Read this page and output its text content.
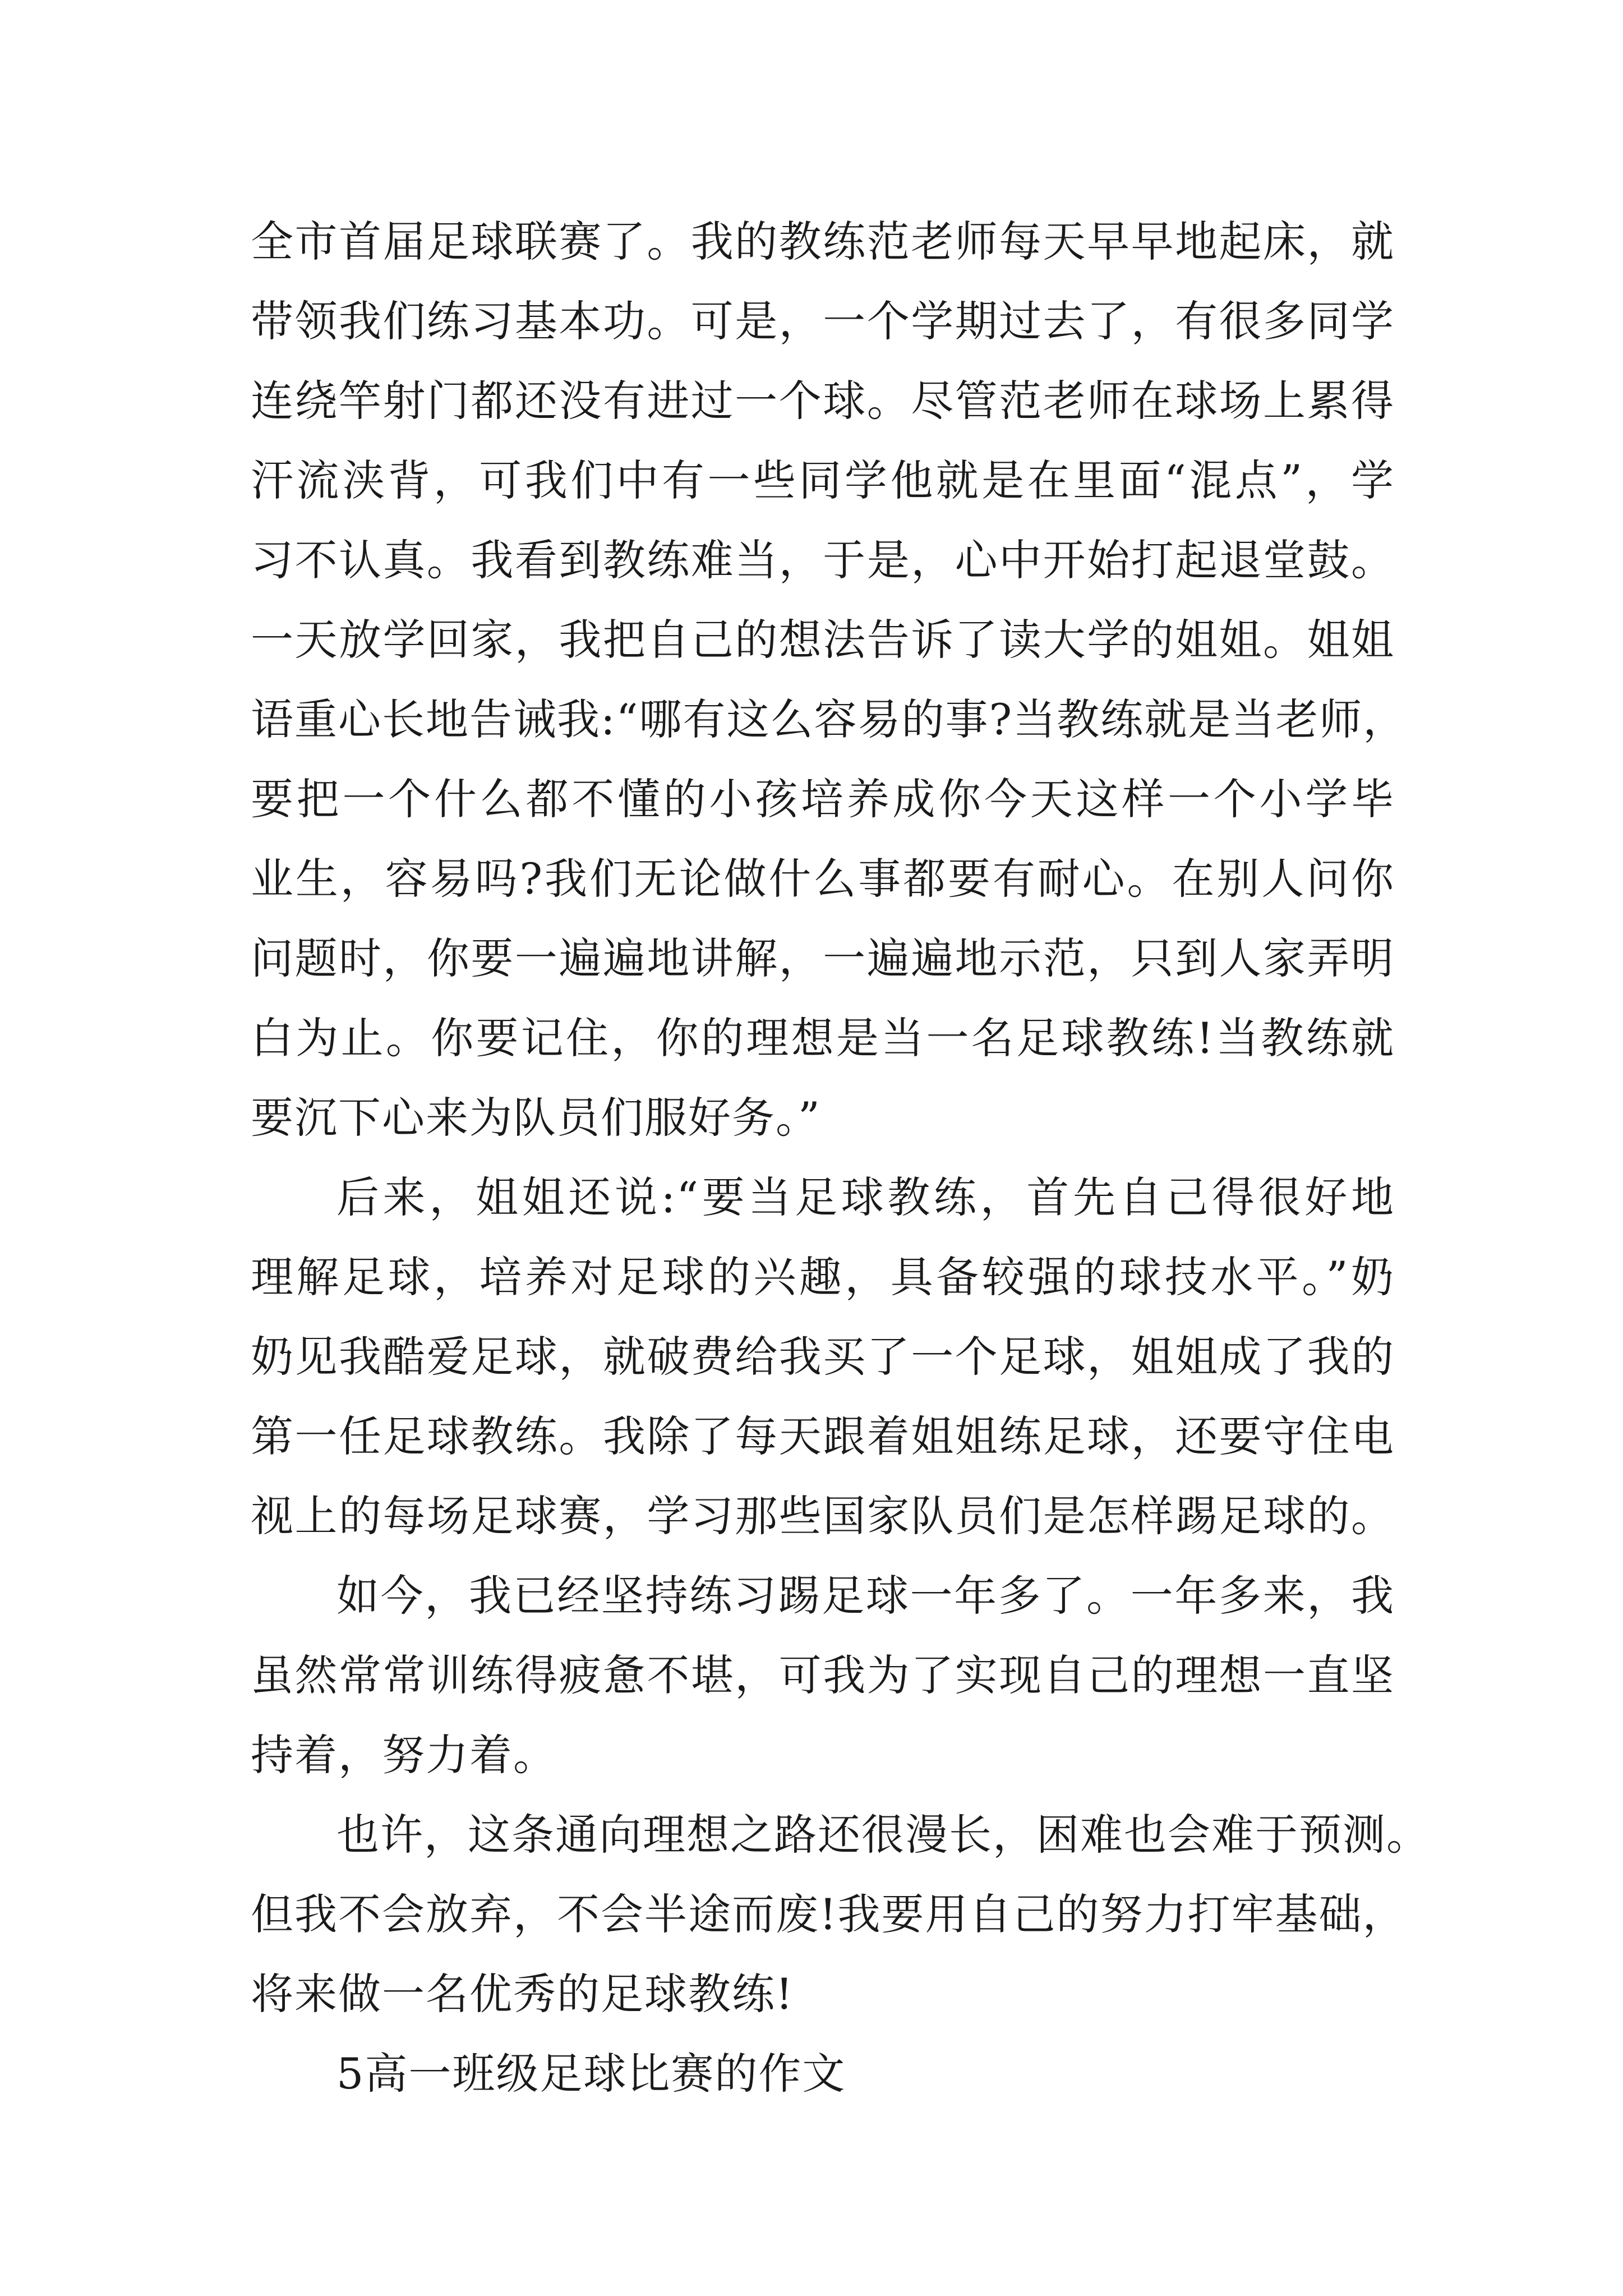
全市首届足球联赛了。我的教练范老师每天早早地起床，就
带领我们练习基本功。可是，一个学期过去了，有很多同学
连绕竿射门都还没有进过一个球。尽管范老师在球场上累得
汗流浃背，可我们中有一些同学他就是在里面“混点”，学
习不认真。我看到教练难当，于是，心中开始打起退堂鼓。
一天放学回家，我把自己的想法告诉了读大学的姐姐。姐姐
语重心长地告诫我:“哪有这么容易的事?当教练就是当老师，
要把一个什么都不懂的小孩培养成你今天这样一个小学毕
业生，容易吗?我们无论做什么事都要有耐心。在别人问你
问题时，你要一遍遍地讲解，一遍遍地示范，只到人家弄明
白为止。你要记住，你的理想是当一名足球教练!当教练就
要沉下心来为队员们服好务。”
后来，姐姐还说:“要当足球教练，首先自己得很好地
理解足球，培养对足球的兴趣，具备较强的球技水平。”奶
奶见我酷爱足球，就破费给我买了一个足球，姐姐成了我的
第一任足球教练。我除了每天跟着姐姐练足球，还要守住电
视上的每场足球赛，学习那些国家队员们是怎样踢足球的。
如今，我已经坚持练习踢足球一年多了。一年多来，我
虽然常常训练得疲惫不堪，可我为了实现自己的理想一直坚
持着，努力着。
也许，这条通向理想之路还很漫长，困难也会难于预测。
但我不会放弃，不会半途而废!我要用自己的努力打牢基础，
将来做一名优秀的足球教练!
5高一班级足球比赛的作文
